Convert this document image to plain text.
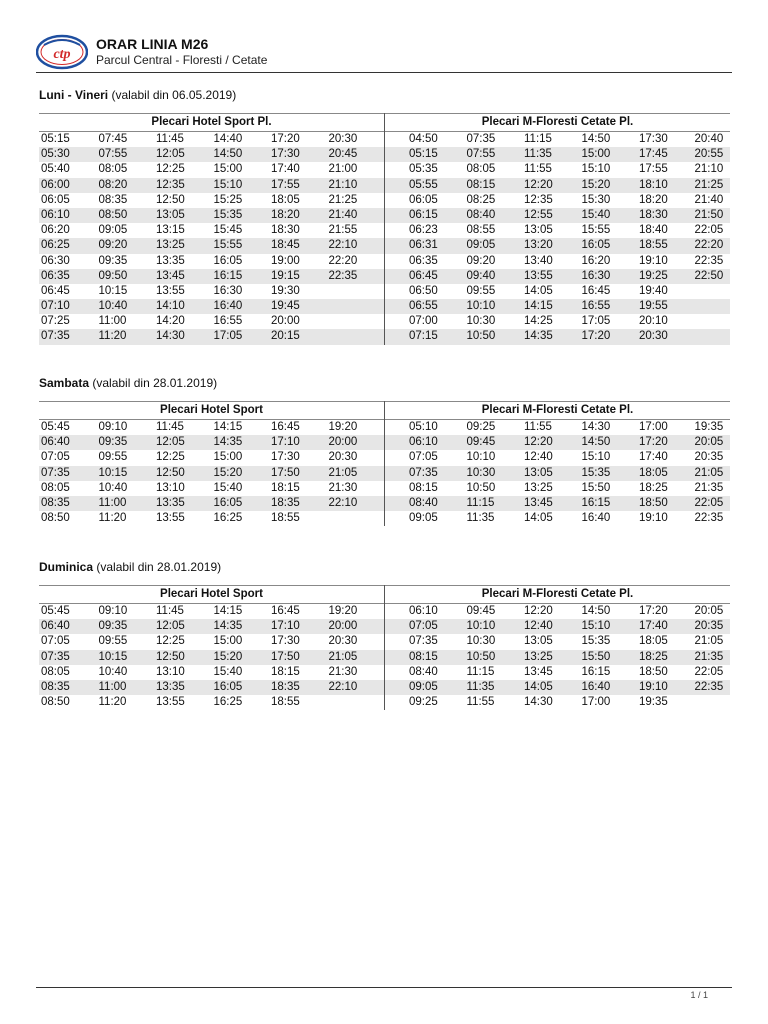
ctp
ORAR LINIA M26
Parcul Central - Floresti / Cetate
Luni - Vineri (valabil din 06.05.2019)
Plecari Hotel Sport Pl.
05:15	07:45	11:45	14:40	17:20	20:30
05:30	07:55	12:05	14:50	17:30	20:45
05:40	08:05	12:25	15:00	17:40	21:00
06:00	08:20	12:35	15:10	17:55	21:10
06:05	08:35	12:50	15:25	18:05	21:25
06:10	08:50	13:05	15:35	18:20	21:40
06:20	09:05	13:15	15:45	18:30	21:55
06:25	09:20	13:25	15:55	18:45	22:10
06:30	09:35	13:35	16:05	19:00	22:20
06:35	09:50	13:45	16:15	19:15	22:35
06:45	10:15	13:55	16:30	19:30
07:10	10:40	14:10	16:40	19:45
07:25	11:00	14:20	16:55	20:00
07:35	11:20	14:30	17:05	20:15
Plecari M-Floresti Cetate Pl.
04:50	07:35	11:15	14:50	17:30	20:40
05:15	07:55	11:35	15:00	17:45	20:55
05:35	08:05	11:55	15:10	17:55	21:10
05:55	08:15	12:20	15:20	18:10	21:25
06:05	08:25	12:35	15:30	18:20	21:40
06:15	08:40	12:55	15:40	18:30	21:50
06:23	08:55	13:05	15:55	18:40	22:05
06:31	09:05	13:20	16:05	18:55	22:20
06:35	09:20	13:40	16:20	19:10	22:35
06:45	09:40	13:55	16:30	19:25	22:50
06:50	09:55	14:05	16:45	19:40
06:55	10:10	14:15	16:55	19:55
07:00	10:30	14:25	17:05	20:10
07:15	10:50	14:35	17:20	20:30
Sambata (valabil din 28.01.2019)
Plecari Hotel Sport
05:45	09:10	11:45	14:15	16:45	19:20
06:40	09:35	12:05	14:35	17:10	20:00
07:05	09:55	12:25	15:00	17:30	20:30
07:35	10:15	12:50	15:20	17:50	21:05
08:05	10:40	13:10	15:40	18:15	21:30
08:35	11:00	13:35	16:05	18:35	22:10
08:50	11:20	13:55	16:25	18:55
Plecari M-Floresti Cetate Pl.
05:10	09:25	11:55	14:30	17:00	19:35
06:10	09:45	12:20	14:50	17:20	20:05
07:05	10:10	12:40	15:10	17:40	20:35
07:35	10:30	13:05	15:35	18:05	21:05
08:15	10:50	13:25	15:50	18:25	21:35
08:40	11:15	13:45	16:15	18:50	22:05
09:05	11:35	14:05	16:40	19:10	22:35
Duminica (valabil din 28.01.2019)
Plecari Hotel Sport
05:45	09:10	11:45	14:15	16:45	19:20
06:40	09:35	12:05	14:35	17:10	20:00
07:05	09:55	12:25	15:00	17:30	20:30
07:35	10:15	12:50	15:20	17:50	21:05
08:05	10:40	13:10	15:40	18:15	21:30
08:35	11:00	13:35	16:05	18:35	22:10
08:50	11:20	13:55	16:25	18:55
Plecari M-Floresti Cetate Pl.
06:10	09:45	12:20	14:50	17:20	20:05
07:05	10:10	12:40	15:10	17:40	20:35
07:35	10:30	13:05	15:35	18:05	21:05
08:15	10:50	13:25	15:50	18:25	21:35
08:40	11:15	13:45	16:15	18:50	22:05
09:05	11:35	14:05	16:40	19:10	22:35
09:25	11:55	14:30	17:00	19:35
1 / 1
